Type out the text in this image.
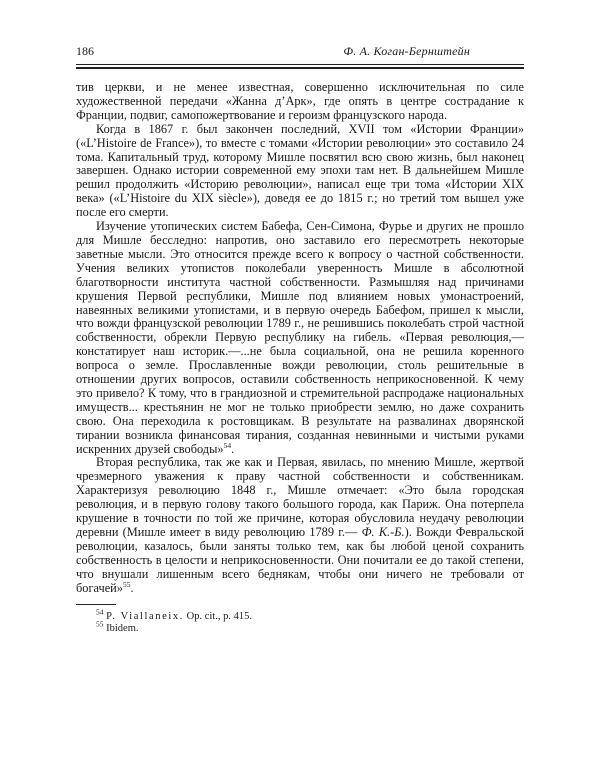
186	Ф. А. Коган-Бернштейн

тив церкви, и не менее известная, совершенно исключительная по силе художественной передачи «Жанна д’Арк», где опять в центре сострадание к Франции, подвиг, самопожертвование и героизм французского народа.

Когда в 1867 г. был закончен последний, XVII том «Истории Франции» («L’Histoire de France»), то вместе с томами «Истории революции» это составило 24 тома. Капитальный труд, которому Мишле посвятил всю свою жизнь, был наконец завершен. Однако истории современной ему эпохи там нет. В дальнейшем Мишле решил продолжить «Историю революции», написал еще три тома «Истории XIX века» («L’Histoire du XIX siècle»), доведя ее до 1815 г.; но третий том вышел уже после его смерти.

Изучение утопических систем Бабефа, Сен-Симона, Фурье и других не прошло для Мишле бесследно: напротив, оно заставило его пересмотреть некоторые заветные мысли. Это относится прежде всего к вопросу о частной собственности. Учения великих утопистов поколебали уверенность Мишле в абсолютной благотворности института частной собственности. Размышляя над причинами крушения Первой республики, Мишле под влиянием новых умонастроений, навеянных великими утопистами, и в первую очередь Бабефом, пришел к мысли, что вожди французской революции 1789 г., не решившись поколебать строй частной собственности, обрекли Первую республику на гибель. «Первая революция,— констатирует наш историк.—...не была социальной, она не решила коренного вопроса о земле. Прославленные вожди революции, столь решительные в отношении других вопросов, оставили собственность неприкосновенной. К чему это привело? К тому, что в грандиозной и стремительной распродаже национальных имуществ... крестьянин не мог не только приобрести землю, но даже сохранить свою. Она переходила к ростовщикам. В результате на развалинах дворянской тирании возникла финансовая тирания, созданная невинными и чистыми руками искренних друзей свободы»$^{54}$.

Вторая республика, так же как и Первая, явилась, по мнению Мишле, жертвой чрезмерного уважения к праву частной собственности и собственникам. Характеризуя революцию 1848 г., Мишле отмечает: «Это была городская революция, и в первую голову такого большого города, как Париж. Она потерпела крушение в точности по той же причине, которая обусловила неудачу революции деревни (Мишле имеет в виду революцию 1789 г.— Ф. К.-Б.). Вожди Февральской революции, казалось, были заняты только тем, как бы любой ценой сохранить собственность в целости и неприкосновенности. Они почитали ее до такой степени, что внушали лишенным всего беднякам, чтобы они ничего не требовали от богачей»$^{55}$.

$^{54}$ P. Viallaneix. Op. cit., p. 415.

$^{55}$ Ibidem.
